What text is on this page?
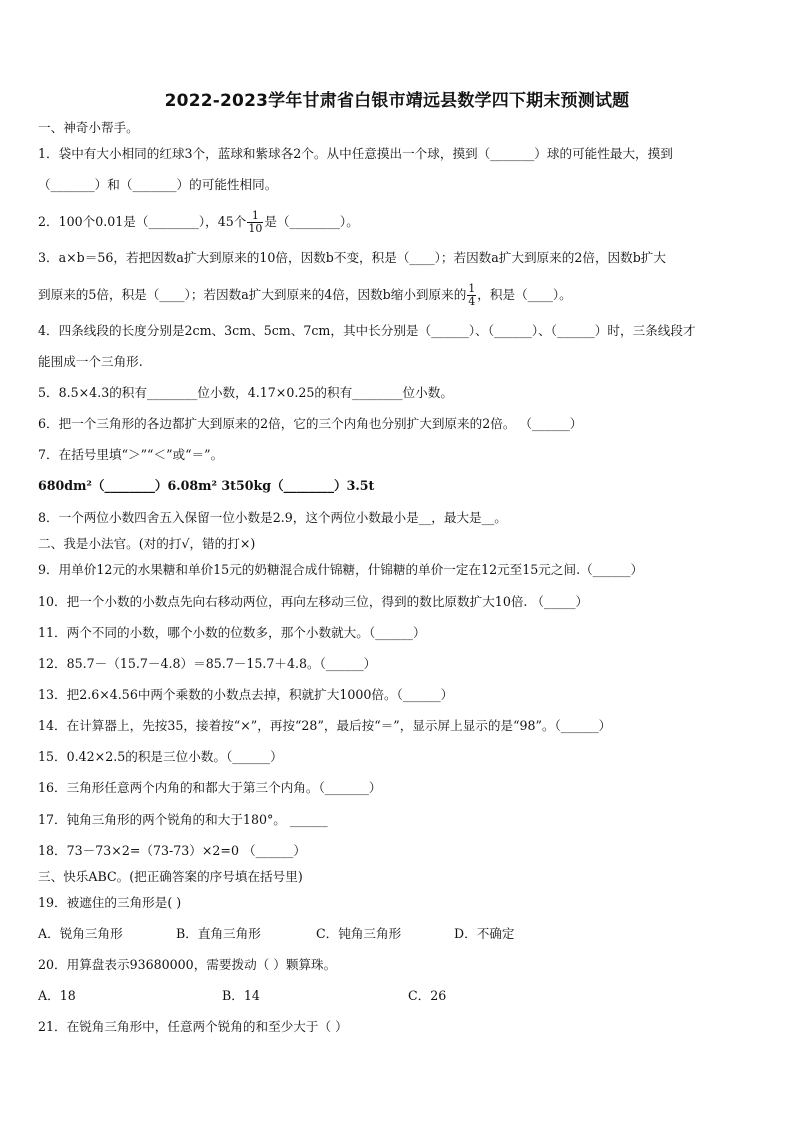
2022-2023学年甘肃省白银市靖远县数学四下期末预测试题
一、神奇小帮手。
1．袋中有大小相同的红球3个，蓝球和紫球各2个。从中任意摸出一个球，摸到（_______）球的可能性最大，摸到
（_______）和（_______）的可能性相同。
2．100个0.01是（________），45个 $\frac{1}{10}$ 是（________）。
3．a×b＝56，若把因数a扩大到原来的10倍，因数b不变，积是（____）；若因数a扩大到原来的2倍，因数b扩大
到原来的5倍，积是（____）；若因数a扩大到原来的4倍，因数b缩小到原来的 $\frac{1}{4}$ ，积是（____）。
4．四条线段的长度分别是2cm、3cm、5cm、7cm，其中长分别是（______）、（______）、（______）时，三条线段才
能围成一个三角形.
5．8.5×4.3的积有________位小数，4.17×0.25的积有________位小数。
6．把一个三角形的各边都扩大到原来的2倍，它的三个内角也分别扩大到原来的2倍。 （______）
7．在括号里填“＞”“＜”或“＝”。
680dm²（________）6.08m² 3t50kg（________）3.5t
8．一个两位小数四舍五入保留一位小数是2.9，这个两位小数最小是__，最大是__。
二、我是小法官。(对的打√，错的打×)
9．用单价12元的水果糖和单价15元的奶糖混合成什锦糖，什锦糖的单价一定在12元至15元之间.（______）
10．把一个小数的小数点先向右移动两位，再向左移动三位，得到的数比原数扩大10倍. （_____）
11．两个不同的小数，哪个小数的位数多，那个小数就大。（______）
12．85.7－（15.7－4.8）＝85.7－15.7＋4.8。（______）
13．把2.6×4.56中两个乘数的小数点去掉，积就扩大1000倍。（______）
14．在计算器上，先按35，接着按“×”，再按“28”，最后按“＝”，显示屏上显示的是“98”。（______）
15．0.42×2.5的积是三位小数。（______）
16．三角形任意两个内角的和都大于第三个内角。（_______）
17．钝角三角形的两个锐角的和大于180°。 ______
18．73－73×2=（73-73）×2=0 （______）
三、快乐ABC。(把正确答案的序号填在括号里)
19．被遮住的三角形是( )
A．锐角三角形	B．直角三角形	C．钝角三角形	D．不确定
20．用算盘表示93680000，需要拨动（ ）颗算珠。
A．18	B．14	C．26
21．在锐角三角形中，任意两个锐角的和至少大于（ ）
